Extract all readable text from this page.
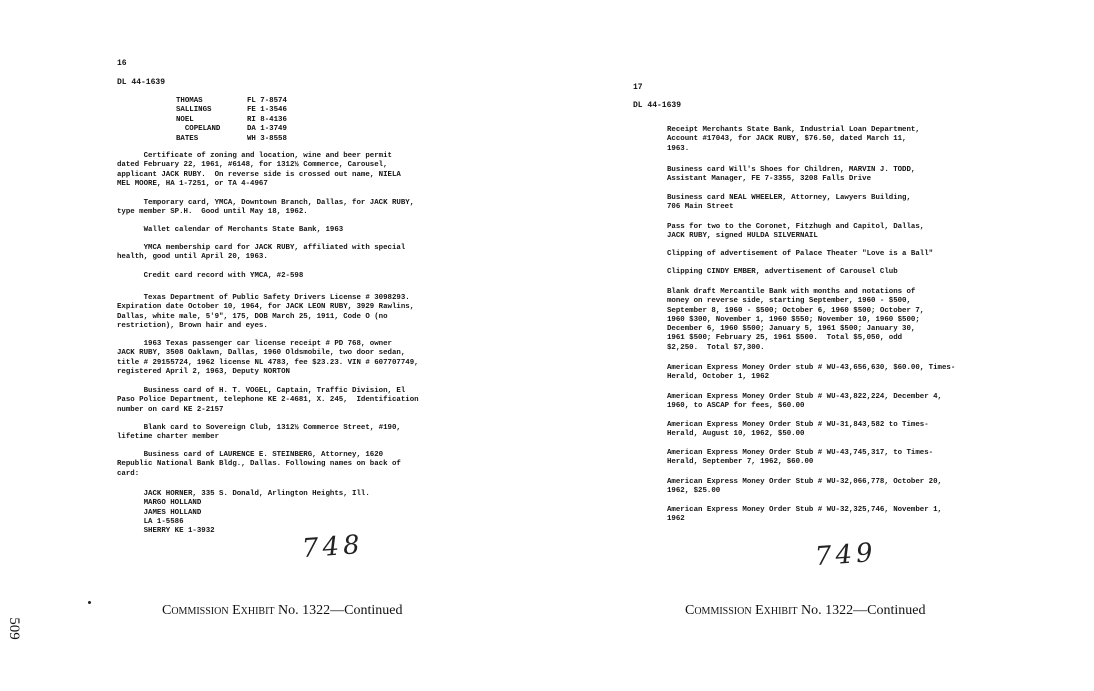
16
DL 44-1639
THOMAS	FL 7-8574
SALLINGS	FE 1-3546
NOEL	RI 8-4136
COPELAND	DA 1-3749
BATES	WH 3-8558
Certificate of zoning and location, wine and beer permit
dated February 22, 1961, #6148, for 1312½ Commerce, Carousel,
applicant JACK RUBY.  On reverse side is crossed out name, NIELA
MEL MOORE, HA 1-7251, or TA 4-4967
Temporary card, YMCA, Downtown Branch, Dallas, for JACK RUBY,
type member SP.H.  Good until May 18, 1962.
Wallet calendar of Merchants State Bank, 1963
YMCA membership card for JACK RUBY, affiliated with special
health, good until April 20, 1963.
Credit card record with YMCA, #2-598
Texas Department of Public Safety Drivers License # 3098293.
Expiration date October 10, 1964, for JACK LEON RUBY, 3929 Rawlins,
Dallas, white male, 5'9", 175, DOB March 25, 1911, Code O (no
restriction), Brown hair and eyes.
1963 Texas passenger car license receipt # PD 768, owner
JACK RUBY, 3508 Oaklawn, Dallas, 1960 Oldsmobile, two door sedan,
title # 29155724, 1962 license NL 4783, fee $23.23. VIN # 607707749,
registered April 2, 1963, Deputy NORTON
Business card of H. T. VOGEL, Captain, Traffic Division, El
Paso Police Department, telephone KE 2-4681, X. 245,  Identification
number on card KE 2-2157
Blank card to Sovereign Club, 1312½ Commerce Street, #190,
lifetime charter member
Business card of LAURENCE E. STEINBERG, Attorney, 1620
Republic National Bank Bldg., Dallas. Following names on back of
card:
JACK HORNER, 335 S. Donald, Arlington Heights, Ill.
MARGO HOLLAND
JAMES HOLLAND
LA 1-5586
SHERRY KE 1-3932	748
Commission Exhibit No. 1322—Continued
509
17
DL 44-1639
Receipt Merchants State Bank, Industrial Loan Department,
Account #17043, for JACK RUBY, $76.50, dated March 11,
1963.
Business card Will's Shoes for Children, MARVIN J. TODD,
Assistant Manager, FE 7-3355, 3208 Falls Drive
Business card NEAL WHEELER, Attorney, Lawyers Building,
706 Main Street
Pass for two to the Coronet, Fitzhugh and Capitol, Dallas,
JACK RUBY, signed HULDA SILVERNAIL
Clipping of advertisement of Palace Theater "Love is a Ball"
Clipping CINDY EMBER, advertisement of Carousel Club
Blank draft Mercantile Bank with months and notations of
money on reverse side, starting September, 1960 - $500,
September 8, 1960 - $500; October 6, 1960 $500; October 7,
1960 $300, November 1, 1960 $550; November 10, 1960 $500;
December 6, 1960 $500; January 5, 1961 $500; January 30,
1961 $500; February 25, 1961 $500.  Total $5,050, odd
$2,250.  Total $7,300.
American Express Money Order stub # WU-43,656,630, $60.00, Times-
Herald, October 1, 1962
American Express Money Order Stub # WU-43,822,224, December 4,
1960, to ASCAP for fees, $60.00
American Express Money Order Stub # WU-31,843,582 to Times-
Herald, August 10, 1962, $50.00
American Express Money Order Stub # WU-43,745,317, to Times-
Herald, September 7, 1962, $60.00
American Express Money Order Stub # WU-32,066,778, October 20,
1962, $25.00
American Express Money Order Stub # WU-32,325,746, November 1,
1962
749
Commission Exhibit No. 1322—Continued
